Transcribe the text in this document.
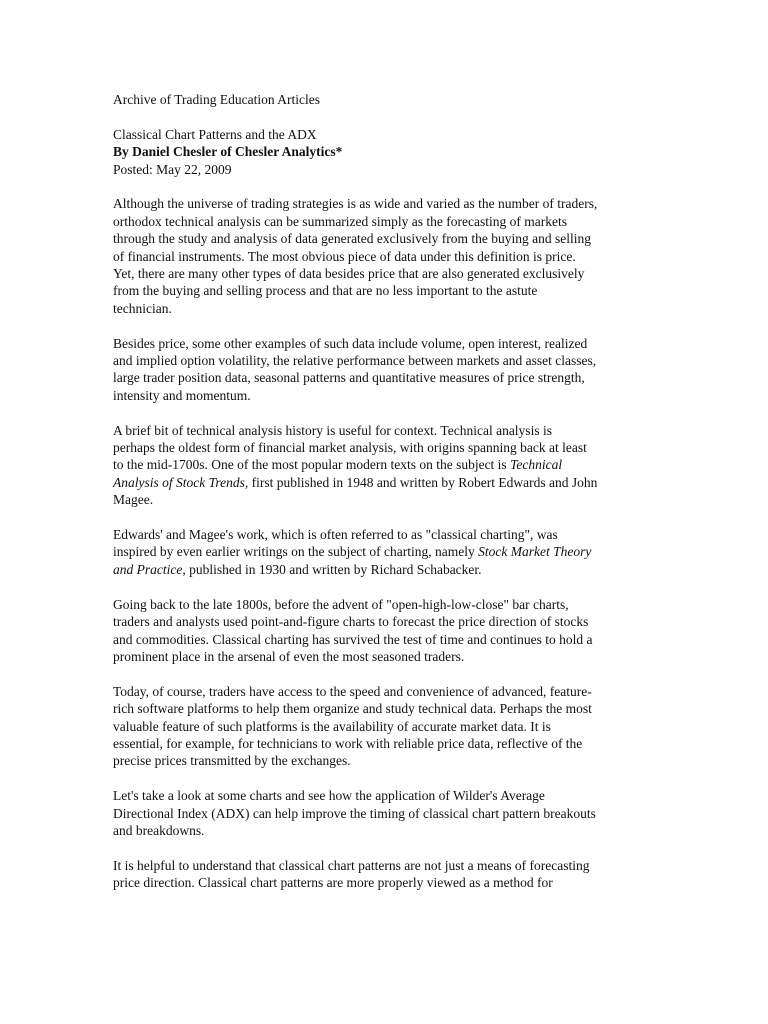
Archive of Trading Education Articles
Classical Chart Patterns and the ADX
By Daniel Chesler of Chesler Analytics*
Posted: May 22, 2009
Although the universe of trading strategies is as wide and varied as the number of traders,
orthodox technical analysis can be summarized simply as the forecasting of markets
through the study and analysis of data generated exclusively from the buying and selling
of financial instruments. The most obvious piece of data under this definition is price.
Yet, there are many other types of data besides price that are also generated exclusively
from the buying and selling process and that are no less important to the astute
technician.
Besides price, some other examples of such data include volume, open interest, realized
and implied option volatility, the relative performance between markets and asset classes,
large trader position data, seasonal patterns and quantitative measures of price strength,
intensity and momentum.
A brief bit of technical analysis history is useful for context. Technical analysis is
perhaps the oldest form of financial market analysis, with origins spanning back at least
to the mid-1700s. One of the most popular modern texts on the subject is Technical
Analysis of Stock Trends, first published in 1948 and written by Robert Edwards and John
Magee.
Edwards' and Magee's work, which is often referred to as "classical charting", was
inspired by even earlier writings on the subject of charting, namely Stock Market Theory
and Practice, published in 1930 and written by Richard Schabacker.
Going back to the late 1800s, before the advent of "open-high-low-close" bar charts,
traders and analysts used point-and-figure charts to forecast the price direction of stocks
and commodities. Classical charting has survived the test of time and continues to hold a
prominent place in the arsenal of even the most seasoned traders.
Today, of course, traders have access to the speed and convenience of advanced, feature-
rich software platforms to help them organize and study technical data. Perhaps the most
valuable feature of such platforms is the availability of accurate market data. It is
essential, for example, for technicians to work with reliable price data, reflective of the
precise prices transmitted by the exchanges.
Let's take a look at some charts and see how the application of Wilder's Average
Directional Index (ADX) can help improve the timing of classical chart pattern breakouts
and breakdowns.
It is helpful to understand that classical chart patterns are not just a means of forecasting
price direction. Classical chart patterns are more properly viewed as a method for
